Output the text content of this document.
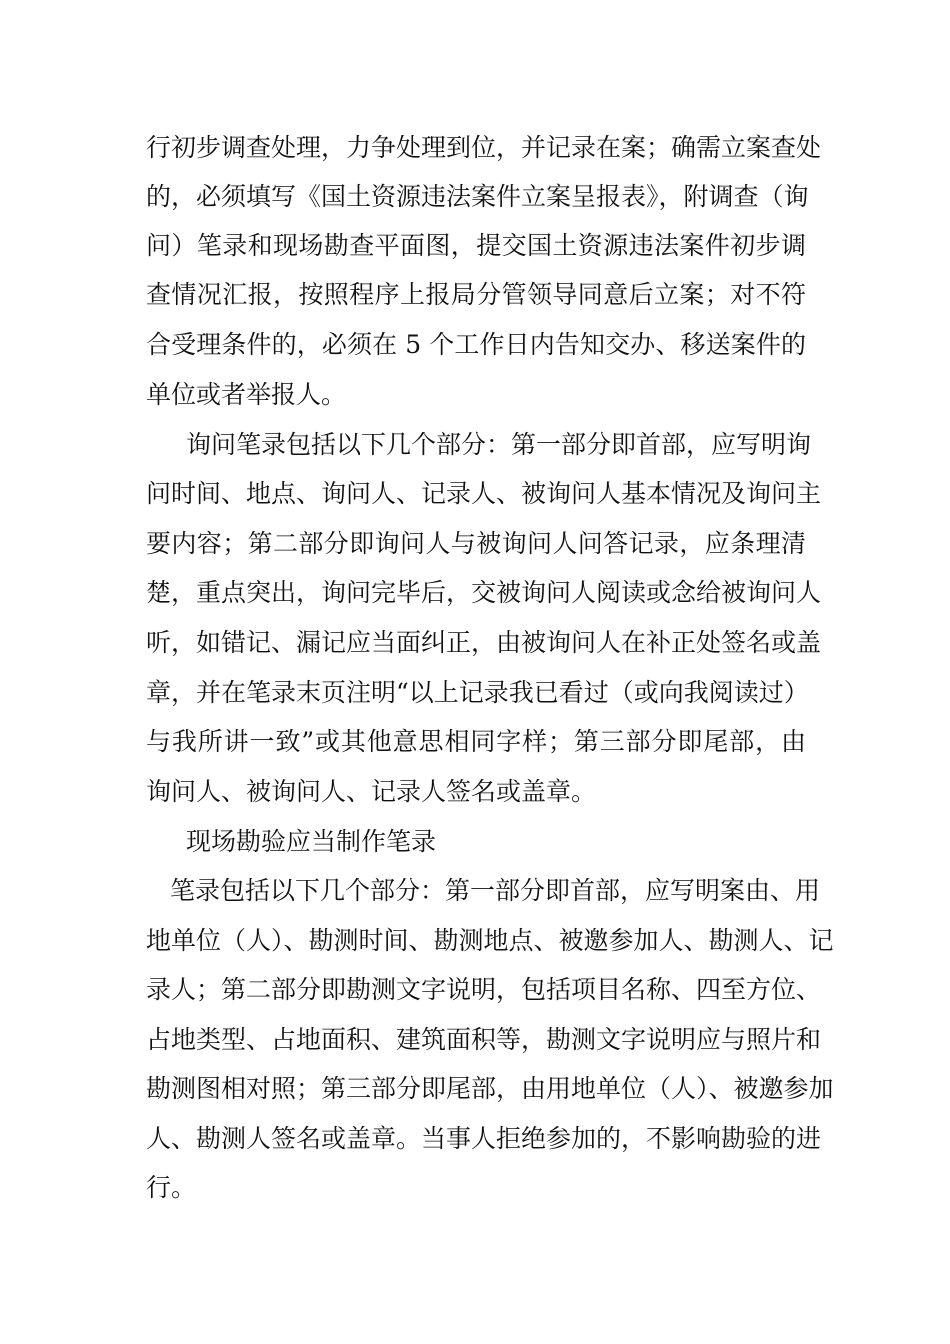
行初步调查处理，力争处理到位，并记录在案；确需立案查处
的，必须填写《国土资源违法案件立案呈报表》，附调查（询
问）笔录和现场勘查平面图，提交国土资源违法案件初步调
查情况汇报，按照程序上报局分管领导同意后立案；对不符
合受理条件的，必须在 5 个工作日内告知交办、移送案件的
单位或者举报人。
询问笔录包括以下几个部分：第一部分即首部，应写明询
问时间、地点、询问人、记录人、被询问人基本情况及询问主
要内容；第二部分即询问人与被询问人问答记录，应条理清
楚，重点突出，询问完毕后，交被询问人阅读或念给被询问人
听，如错记、漏记应当面纠正，由被询问人在补正处签名或盖
章，并在笔录末页注明“以上记录我已看过（或向我阅读过）
与我所讲一致”或其他意思相同字样；第三部分即尾部，由
询问人、被询问人、记录人签名或盖章。
现场勘验应当制作笔录
笔录包括以下几个部分：第一部分即首部，应写明案由、用
地单位（人）、勘测时间、勘测地点、被邀参加人、勘测人、记
录人；第二部分即勘测文字说明，包括项目名称、四至方位、
占地类型、占地面积、建筑面积等，勘测文字说明应与照片和
勘测图相对照；第三部分即尾部，由用地单位（人）、被邀参加
人、勘测人签名或盖章。当事人拒绝参加的，不影响勘验的进
行。
